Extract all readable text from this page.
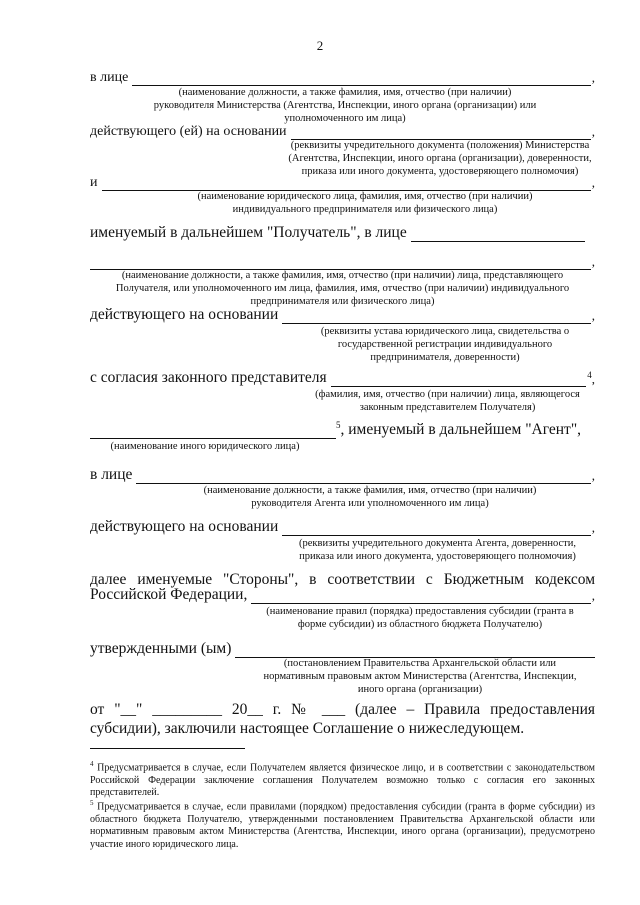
2
в лице	,
(наименование должности, а также фамилия, имя, отчество (при наличии) руководителя Министерства (Агентства, Инспекции, иного органа (организации) или уполномоченного им лица)
действующего (ей) на основании	,
(реквизиты учредительного документа (положения) Министерства (Агентства, Инспекции, иного органа (организации), доверенности, приказа или иного документа, удостоверяющего полномочия)
и	,
(наименование юридического лица, фамилия, имя, отчество (при наличии) индивидуального предпринимателя или физического лица)
именуемый в дальнейшем "Получатель", в лице
,
(наименование должности, а также фамилия, имя, отчество (при наличии) лица, представляющего Получателя, или уполномоченного им лица, фамилия, имя, отчество (при наличии) индивидуального предпринимателя или физического лица)
действующего на основании	,
(реквизиты устава юридического лица, свидетельства о государственной регистрации индивидуального предпринимателя, доверенности)
с согласия законного представителя	$^4$,
(фамилия, имя, отчество (при наличии) лица, являющегося законным представителем Получателя)
$^5$, именуемый в дальнейшем "Агент",
(наименование иного юридического лица)
в лице	,
(наименование должности, а также фамилия, имя, отчество (при наличии) руководителя Агента или уполномоченного им лица)
действующего на основании	,
(реквизиты учредительного документа Агента, доверенности, приказа или иного документа, удостоверяющего полномочия)
далее именуемые "Стороны", в соответствии с Бюджетным кодексом
Российской Федерации,	,
(наименование правил (порядка) предоставления субсидии (гранта в форме субсидии) из областного бюджета Получателю)
утвержденными (ым)
(постановлением Правительства Архангельской области или нормативным правовым актом Министерства (Агентства, Инспекции, иного органа (организации)
от "__" _________ 20__ г. № ___ (далее – Правила предоставления субсидии), заключили настоящее Соглашение о нижеследующем.
$^4$ Предусматривается в случае, если Получателем является физическое лицо, и в соответствии с законодательством Российской Федерации заключение соглашения Получателем возможно только с согласия его законных представителей.
$^5$ Предусматривается в случае, если правилами (порядком) предоставления субсидии (гранта в форме субсидии) из областного бюджета Получателю, утвержденными постановлением Правительства Архангельской области или нормативным правовым актом Министерства (Агентства, Инспекции, иного органа (организации), предусмотрено участие иного юридического лица.
